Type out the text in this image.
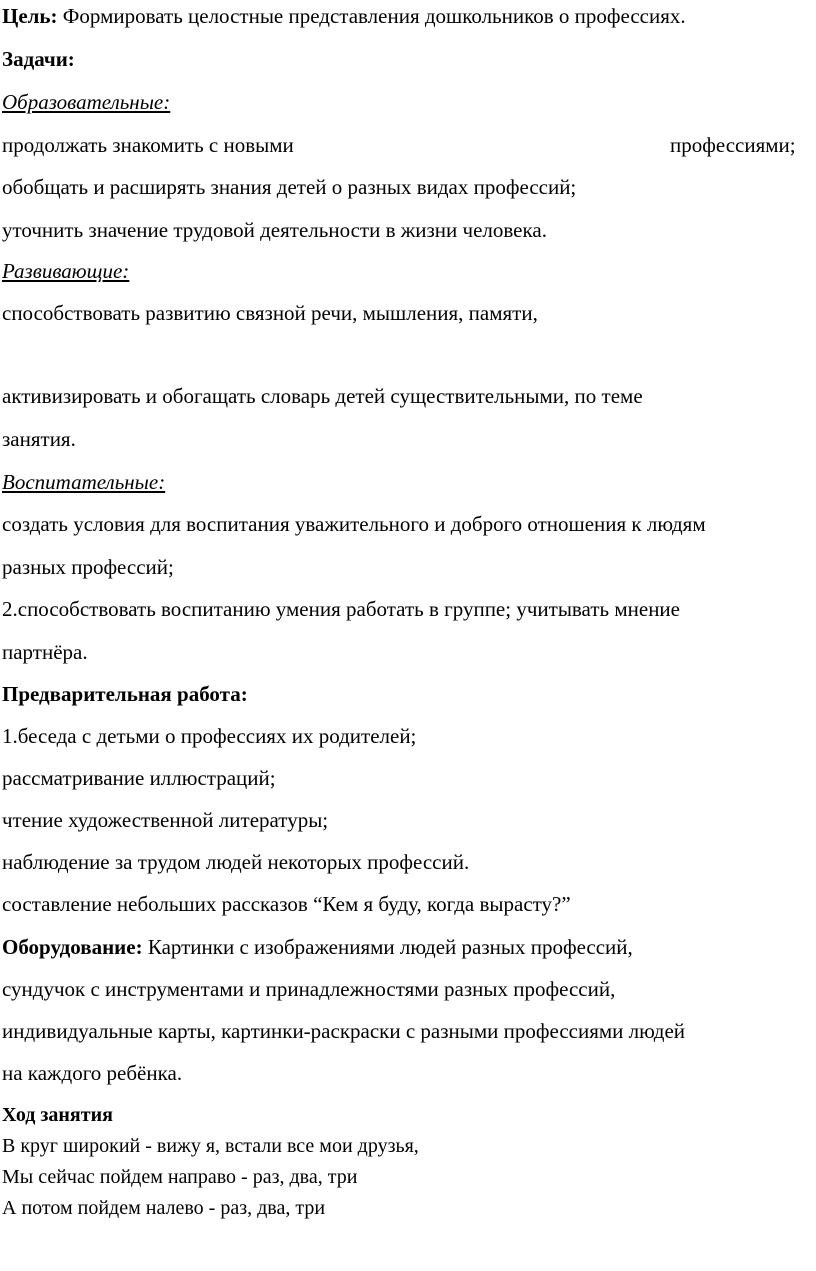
Цель: Формировать целостные представления дошкольников о профессиях.
Задачи:
Образовательные:
продолжать знакомить с новыми	профессиями;
обобщать и расширять знания детей о разных видах профессий;
уточнить значение трудовой деятельности в жизни человека.
Развивающие:
способствовать развитию связной речи, мышления, памяти,
активизировать и обогащать словарь детей существительными, по теме
занятия.
Воспитательные:
создать условия для воспитания уважительного и доброго отношения к людям
разных профессий;
2.способствовать воспитанию умения работать в группе; учитывать мнение
партнёра.
Предварительная работа:
1.беседа с детьми о профессиях их родителей;
рассматривание иллюстраций;
чтение художественной литературы;
наблюдение за трудом людей некоторых профессий.
составление небольших рассказов “Кем я буду, когда вырасту?”
Оборудование: Картинки с изображениями людей разных профессий,
сундучок с инструментами и принадлежностями разных профессий,
индивидуальные карты, картинки-раскраски с разными профессиями людей
на каждого ребёнка.
Ход занятия
В круг широкий - вижу я, встали все мои друзья,
Мы сейчас пойдем направо - раз, два, три
А потом пойдем налево - раз, два, три
